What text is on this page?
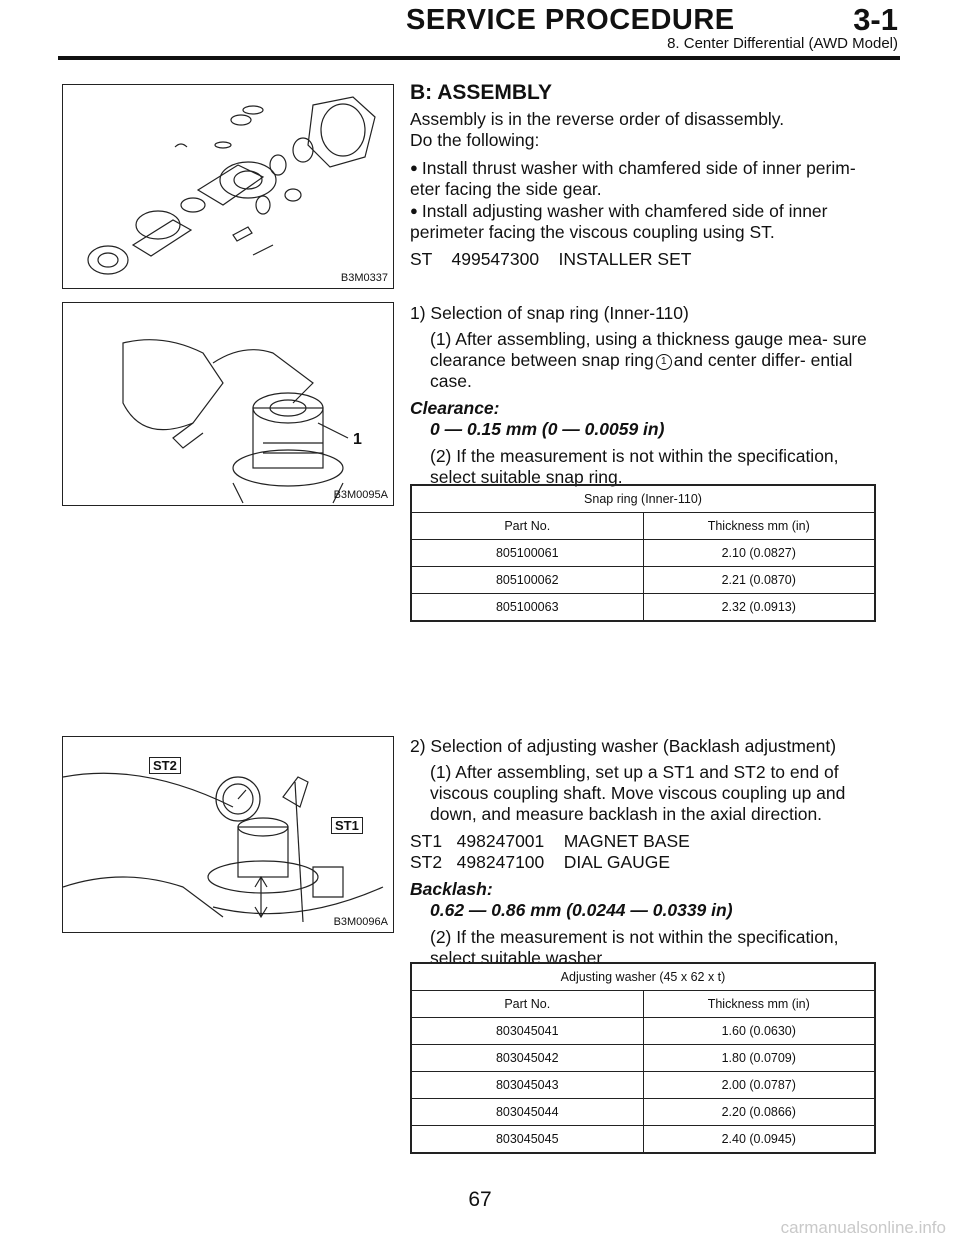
SERVICE PROCEDURE	3-1
8. Center Differential (AWD Model)
B3M0337
1
B3M0095A
ST2
ST1
B3M0096A

B: ASSEMBLY

Assembly is in the reverse order of disassembly.

Do the following:

● Install thrust washer with chamfered side of inner perim- eter facing the side gear.

● Install adjusting washer with chamfered side of inner perimeter facing the viscous coupling using ST.

ST    499547300    INSTALLER SET

1) Selection of snap ring (Inner-110)

(1) After assembling, using a thickness gauge mea- sure clearance between snap ring 1 and center differ- ential case.

Clearance:

0 — 0.15 mm (0 — 0.0059 in)

(2) If the measurement is not within the specification, select suitable snap ring.

Snap ring (Inner-110)	
Part No.	Thickness mm (in)
805100061	2.10 (0.0827)
805100062	2.21 (0.0870)
805100063	2.32 (0.0913)

2) Selection of adjusting washer (Backlash adjustment)

(1) After assembling, set up a ST1 and ST2 to end of viscous coupling shaft. Move viscous coupling up and down, and measure backlash in the axial direction.

ST1   498247001    MAGNET BASE

ST2   498247100    DIAL GAUGE

Backlash:

0.62 — 0.86 mm (0.0244 — 0.0339 in)

(2) If the measurement is not within the specification, select suitable washer.

Adjusting washer (45 x 62 x t)	
Part No.	Thickness mm (in)
803045041	1.60 (0.0630)
803045042	1.80 (0.0709)
803045043	2.00 (0.0787)
803045044	2.20 (0.0866)
803045045	2.40 (0.0945)
67
carmanualsonline.info
